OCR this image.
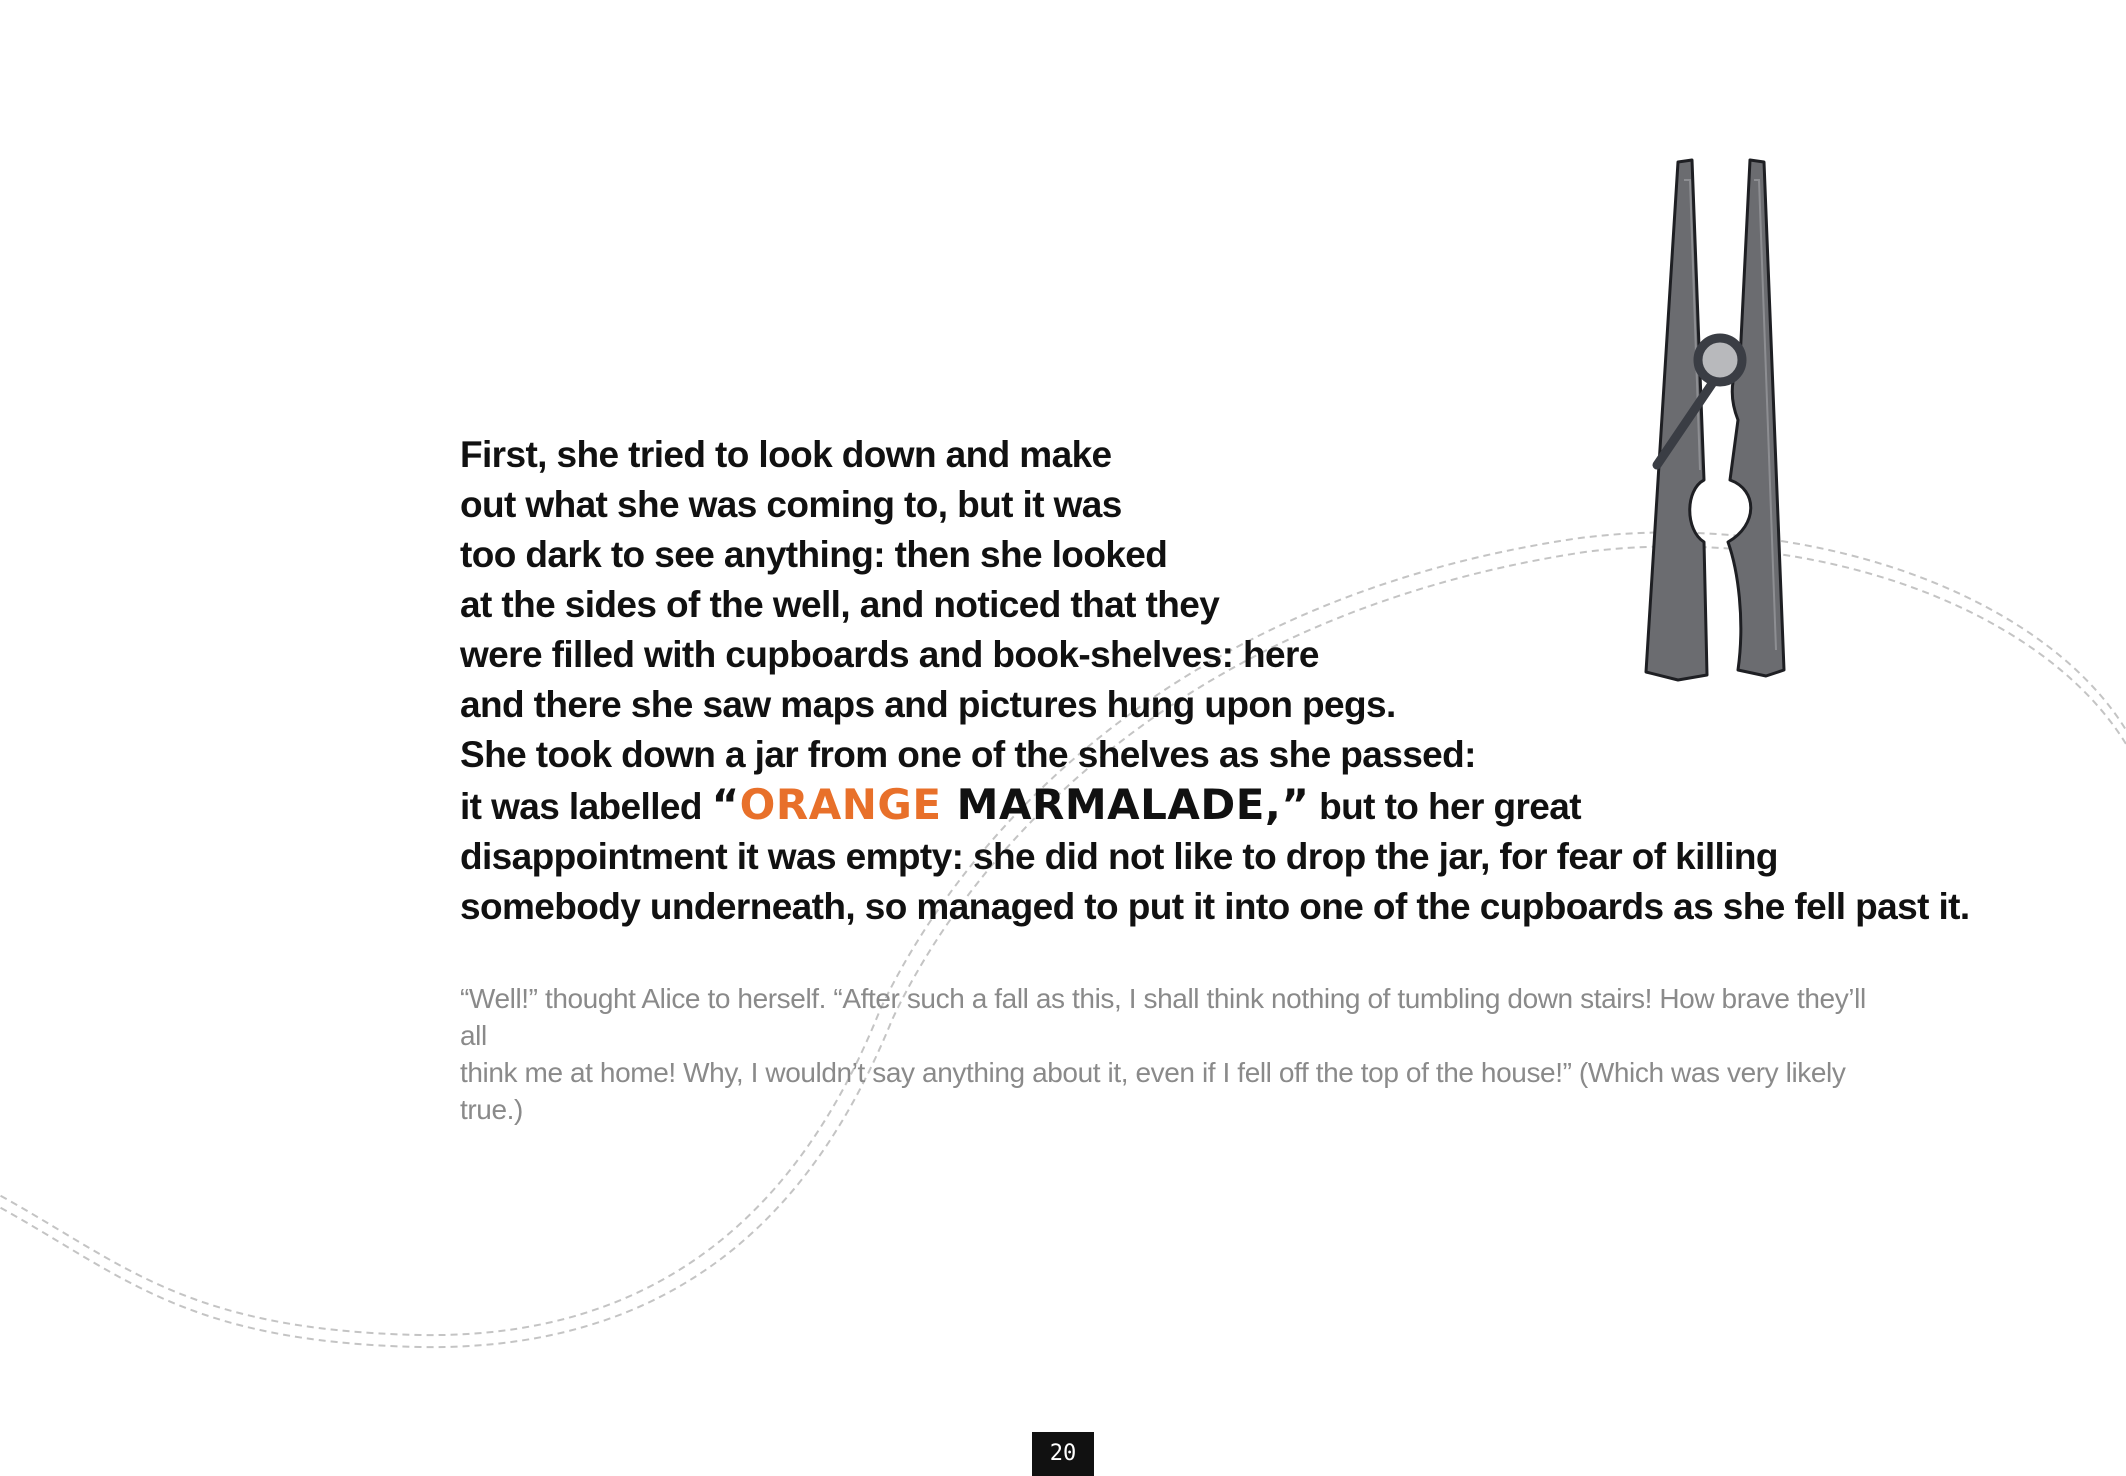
First, she tried to look down and make
out what she was coming to, but it was
too dark to see anything: then she looked
at the sides of the well, and noticed that they
were filled with cupboards and book-shelves: here
and there she saw maps and pictures hung upon pegs.
She took down a jar from one of the shelves as she passed:
it was labelled “ORANGE MARMALADE,” but to her great
disappointment it was empty: she did not like to drop the jar, for fear of killing
somebody underneath, so managed to put it into one of the cupboards as she fell past it.
“Well!” thought Alice to herself. “After such a fall as this, I shall think nothing of tumbling down stairs! How brave they’ll all
think me at home! Why, I wouldn’t say anything about it, even if I fell off the top of the house!” (Which was very likely true.)
20
